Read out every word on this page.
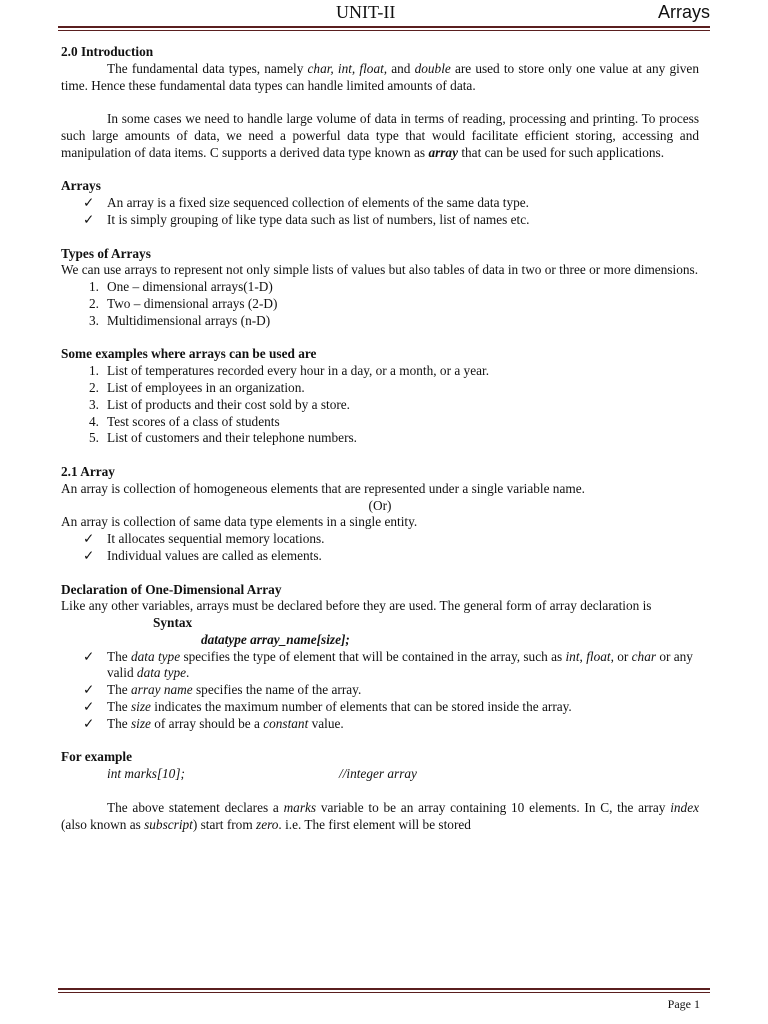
UNIT-II	Arrays

2.0 Introduction

The fundamental data types, namely char, int, float, and double are used to store only one value at any given time. Hence these fundamental data types can handle limited amounts of data.

In some cases we need to handle large volume of data in terms of reading, processing and printing. To process such large amounts of data, we need a powerful data type that would facilitate efficient storing, accessing and manipulation of data items. C supports a derived data type known as array that can be used for such applications.

Arrays

✓ An array is a fixed size sequenced collection of elements of the same data type.
✓ It is simply grouping of like type data such as list of numbers, list of names etc.

Types of Arrays

We can use arrays to represent not only simple lists of values but also tables of data in two or three or more dimensions.

1. One – dimensional arrays(1-D)
2. Two – dimensional arrays (2-D)
3. Multidimensional arrays (n-D)

Some examples where arrays can be used are

1. List of temperatures recorded every hour in a day, or a month, or a year.
2. List of employees in an organization.
3. List of products and their cost sold by a store.
4. Test scores of a class of students
5. List of customers and their telephone numbers.

2.1 Array

An array is collection of homogeneous elements that are represented under a single variable name.

(Or)

An array is collection of same data type elements in a single entity.

✓ It allocates sequential memory locations.
✓ Individual values are called as elements.

Declaration of One-Dimensional Array

Like any other variables, arrays must be declared before they are used. The general form of array declaration is

Syntax

datatype array_name[size];

✓ The data type specifies the type of element that will be contained in the array, such as int, float, or char or any valid data type.
✓ The array name specifies the name of the array.
✓ The size indicates the maximum number of elements that can be stored inside the array.
✓ The size of array should be a constant value.

For example

int marks[10];	//integer array

The above statement declares a marks variable to be an array containing 10 elements. In C, the array index (also known as subscript) start from zero. i.e. The first element will be stored

Page 1
